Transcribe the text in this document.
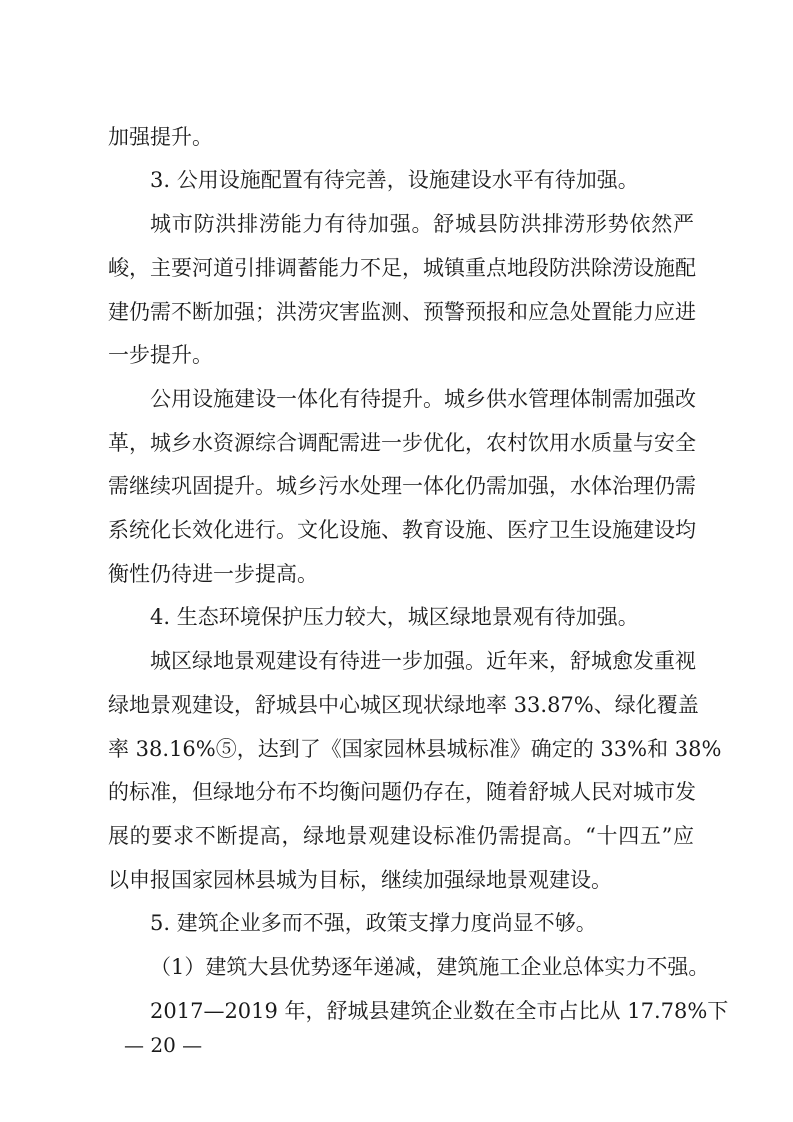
加强提升。
3. 公用设施配置有待完善，设施建设水平有待加强。
城市防洪排涝能力有待加强。舒城县防洪排涝形势依然严
峻，主要河道引排调蓄能力不足，城镇重点地段防洪除涝设施配
建仍需不断加强；洪涝灾害监测、预警预报和应急处置能力应进
一步提升。
公用设施建设一体化有待提升。城乡供水管理体制需加强改
革，城乡水资源综合调配需进一步优化，农村饮用水质量与安全
需继续巩固提升。城乡污水处理一体化仍需加强，水体治理仍需
系统化长效化进行。文化设施、教育设施、医疗卫生设施建设均
衡性仍待进一步提高。
4. 生态环境保护压力较大，城区绿地景观有待加强。
城区绿地景观建设有待进一步加强。近年来，舒城愈发重视
绿地景观建设，舒城县中心城区现状绿地率 33.87%、绿化覆盖
率 38.16%⑤，达到了《国家园林县城标准》确定的 33%和 38%
的标准，但绿地分布不均衡问题仍存在，随着舒城人民对城市发
展的要求不断提高，绿地景观建设标准仍需提高。“十四五”应
以申报国家园林县城为目标，继续加强绿地景观建设。
5. 建筑企业多而不强，政策支撑力度尚显不够。
（1）建筑大县优势逐年递减，建筑施工企业总体实力不强。
2017—2019 年，舒城县建筑企业数在全市占比从 17.78%下
— 20 —
